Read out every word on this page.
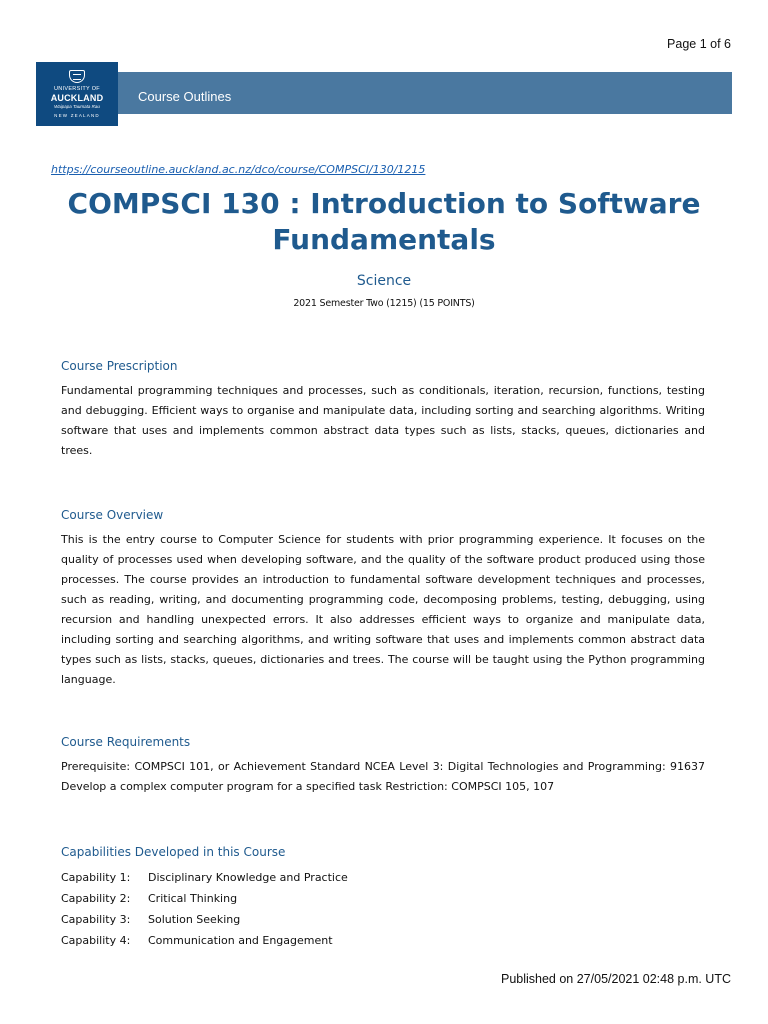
Page 1 of 6
UNIVERSITY OF
AUCKLAND
Waipapa Taumata Rau
NEW ZEALAND
Course Outlines
https://courseoutline.auckland.ac.nz/dco/course/COMPSCI/130/1215
COMPSCI 130 : Introduction to Software Fundamentals
Science
2021 Semester Two (1215) (15 POINTS)
Course Prescription

Fundamental programming techniques and processes, such as conditionals, iteration, recursion, functions, testing and debugging. Efficient ways to organise and manipulate data, including sorting and searching algorithms. Writing software that uses and implements common abstract data types such as lists, stacks, queues, dictionaries and trees.

Course Overview

This is the entry course to Computer Science for students with prior programming experience. It focuses on the quality of processes used when developing software, and the quality of the software product produced using those processes. The course provides an introduction to fundamental software development techniques and processes, such as reading, writing, and documenting programming code, decomposing problems, testing, debugging, using recursion and handling unexpected errors. It also addresses efficient ways to organize and manipulate data, including sorting and searching algorithms, and writing software that uses and implements common abstract data types such as lists, stacks, queues, dictionaries and trees. The course will be taught using the Python programming language.

Course Requirements

Prerequisite: COMPSCI 101, or Achievement Standard NCEA Level 3: Digital Technologies and Programming: 91637 Develop a complex computer program for a specified task Restriction: COMPSCI 105, 107

Capabilities Developed in this Course
Capability 1:	Disciplinary Knowledge and Practice
Capability 2:	Critical Thinking
Capability 3:	Solution Seeking
Capability 4:	Communication and Engagement
Published on 27/05/2021 02:48 p.m. UTC
